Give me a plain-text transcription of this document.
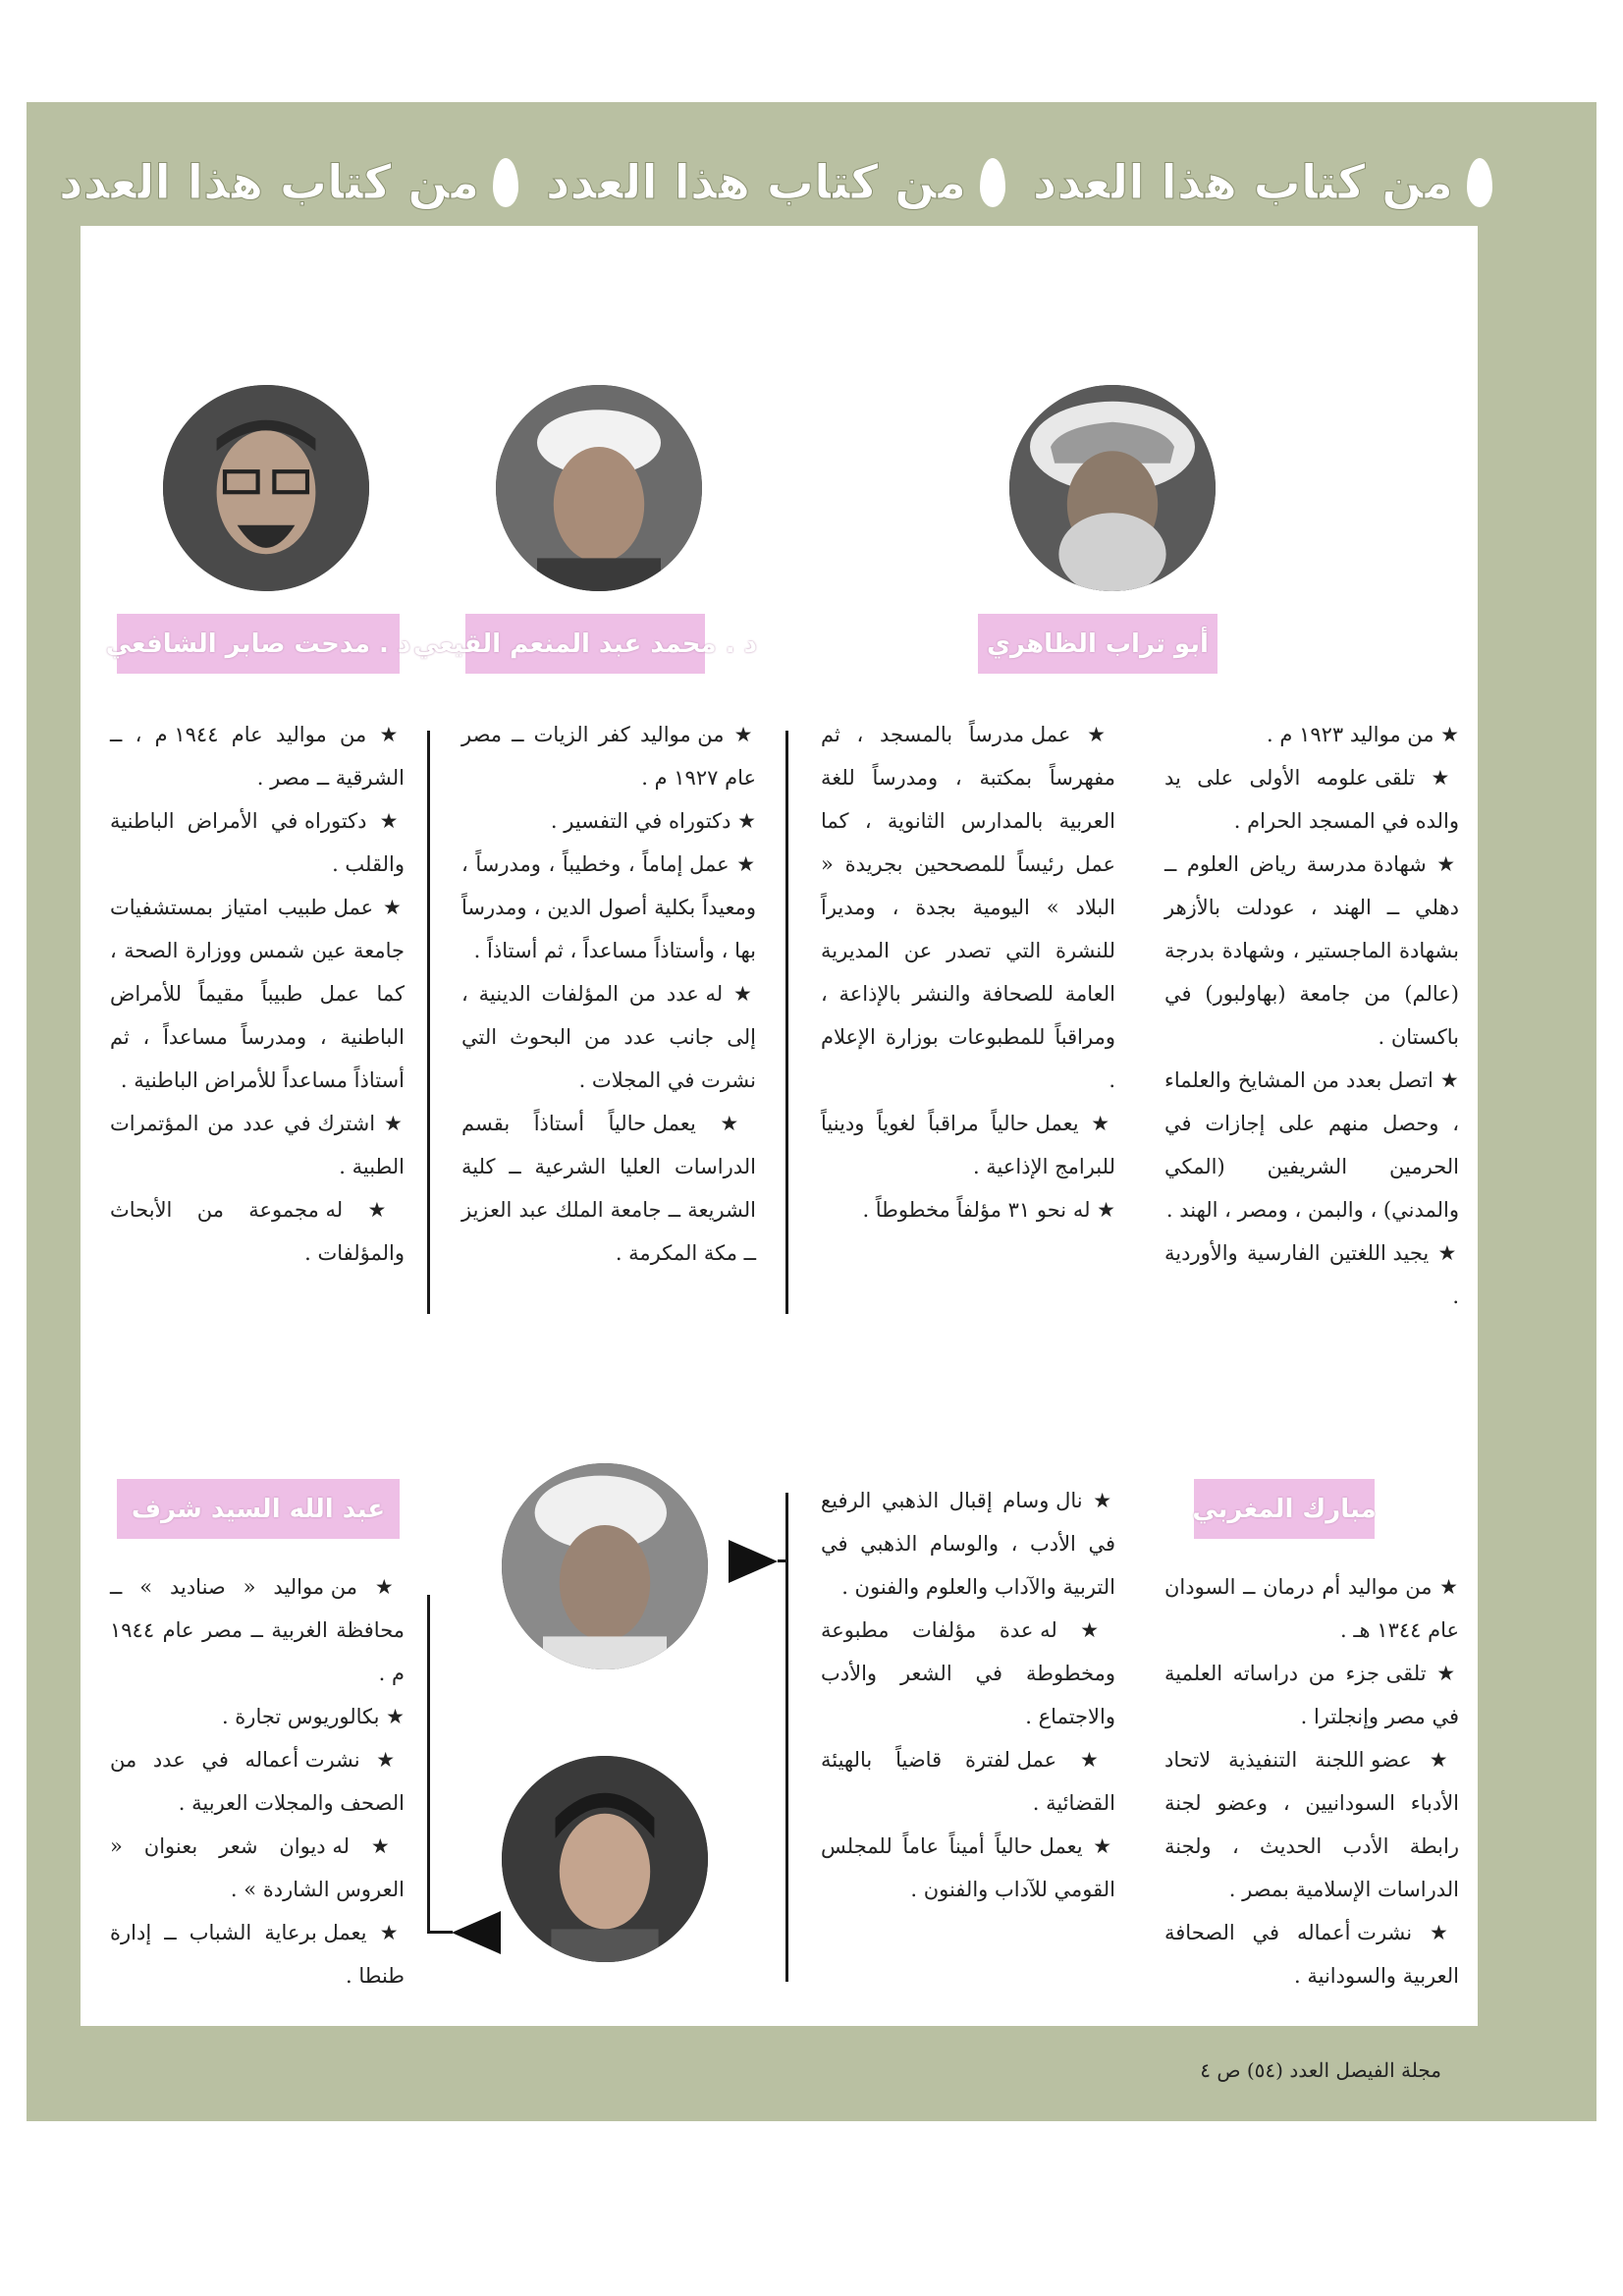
من كتاب هذا العدد
من كتاب هذا العدد
من كتاب هذا العدد
أبو تراب الظاهري
د . محمد عبد المنعم القيعي
د . مدحت صابر الشافعي
مبارك المغربي
عبد الله السيد شرف
★ من مواليد ١٩٢٣ م .
★ تلقى علومه الأولى على يد والده في المسجد الحرام .
★ شهادة مدرسة رياض العلوم ــ دهلي ــ الهند ، عودلت بالأزهر بشهادة الماجستير ، وشهادة بدرجة (عالم) من جامعة (بهاولبور) في باكستان .
★ اتصل بعدد من المشايخ والعلماء ، وحصل منهم على إجازات في الحرمين الشريفين (المكي والمدني) ، والبمن ، ومصر ، الهند .
★ يجيد اللغتين الفارسية والأوردية .
★ عمل مدرساً بالمسجد ، ثم مفهرساً بمكتبة ، ومدرساً للغة العربية بالمدارس الثانوية ، كما عمل رئيساً للمصححين بجريدة « البلاد » اليومية بجدة ، ومديراً للنشرة التي تصدر عن المديرية العامة للصحافة والنشر بالإذاعة ، ومراقباً للمطبوعات بوزارة الإعلام .
★ يعمل حالياً مراقباً لغوياً ودينياً للبرامج الإذاعية .
★ له نحو ٣١ مؤلفاً مخطوطاً .
★ من مواليد كفر الزيات ــ مصر عام ١٩٢٧ م .
★ دكتوراه في التفسير .
★ عمل إماماً ، وخطيباً ، ومدرساً ، ومعيداً بكلية أصول الدين ، ومدرساً بها ، وأستاذاً مساعداً ، ثم أستاذاً .
★ له عدد من المؤلفات الدينية ، إلى جانب عدد من البحوث التي نشرت في المجلات .
★ يعمل حالياً أستاذاً بقسم الدراسات العليا الشرعية ــ كلية الشريعة ــ جامعة الملك عبد العزيز ــ مكة المكرمة .
★ من مواليد عام ١٩٤٤ م ، ــ الشرقية ــ مصر .
★ دكتوراه في الأمراض الباطنية والقلب .
★ عمل طبيب امتياز بمستشفيات جامعة عين شمس ووزارة الصحة ، كما عمل طبيباً مقيماً للأمراض الباطنية ، ومدرساً مساعداً ، ثم أستاذاً مساعداً للأمراض الباطنية .
★ اشترك في عدد من المؤتمرات الطبية .
★ له مجموعة من الأبحاث والمؤلفات .
★ من مواليد أم درمان ــ السودان عام ١٣٤٤ هـ .
★ تلقى جزء من دراساته العلمية في مصر وإنجلترا .
★ عضو اللجنة التنفيذية لاتحاد الأدباء السودانيين ، وعضو لجنة رابطة الأدب الحديث ، ولجنة الدراسات الإسلامية بمصر .
★ نشرت أعماله في الصحافة العربية والسودانية .
★ نال وسام إقبال الذهبي الرفيع في الأدب ، والوسام الذهبي في التربية والآداب والعلوم والفنون .
★ له عدة مؤلفات مطبوعة ومخطوطة في الشعر والأدب والاجتماع .
★ عمل لفترة قاضياً بالهيئة القضائية .
★ يعمل حالياً أميناً عاماً للمجلس القومي للآداب والفنون .
★ من مواليد « صناديد » ــ محافظة الغربية ــ مصر عام ١٩٤٤ م .
★ بكالوريوس تجارة .
★ نشرت أعماله في عدد من الصحف والمجلات العربية .
★ له ديوان شعر بعنوان « العروس الشاردة » .
★ يعمل برعاية الشباب ــ إدارة طنطا .
مجلة الفيصل العدد (٥٤) ص ٤
